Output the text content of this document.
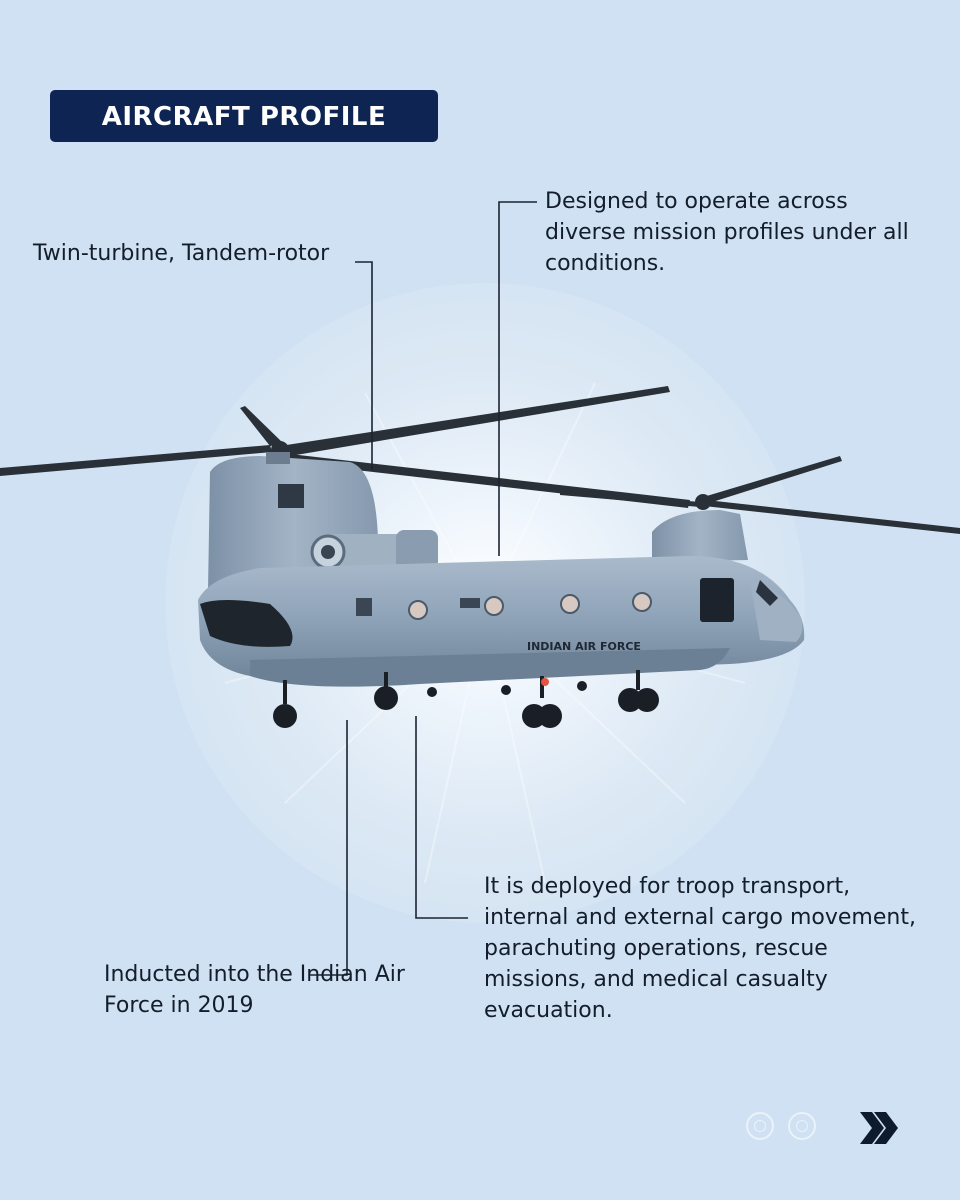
AIRCRAFT PROFILE
INDIAN AIR FORCE

Twin-turbine, Tandem-rotor

Designed to operate across diverse mission profiles under all conditions.

Inducted into the Indian Air Force in 2019

It is deployed for troop transport, internal and external cargo movement, parachuting operations, rescue missions, and medical casualty evacuation.
